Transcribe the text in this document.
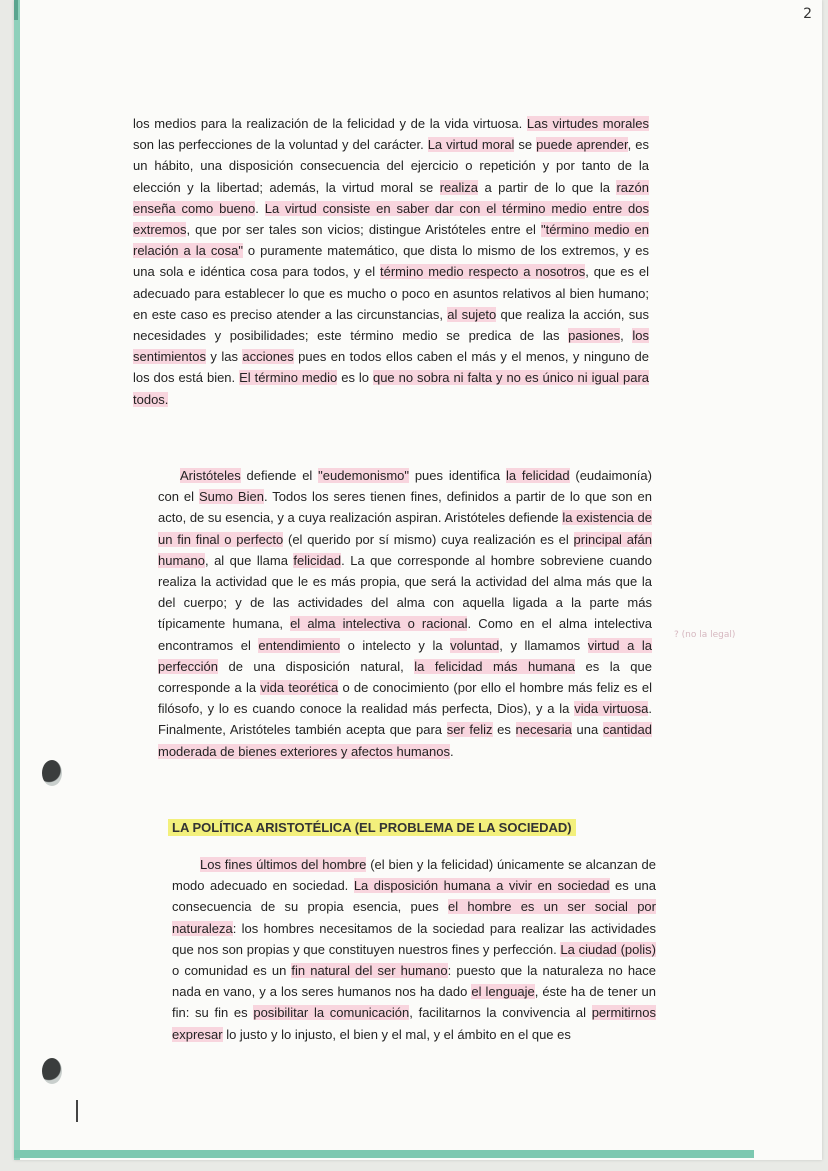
2
? (no la legal)

los medios para la realización de la felicidad y de la vida virtuosa. Las virtudes morales son las perfecciones de la voluntad y del carácter. La virtud moral se puede aprender, es un hábito, una disposición consecuencia del ejercicio o repetición y por tanto de la elección y la libertad; además, la virtud moral se realiza a partir de lo que la razón enseña como bueno. La virtud consiste en saber dar con el término medio entre dos extremos, que por ser tales son vicios; distingue Aristóteles entre el "término medio en relación a la cosa" o puramente matemático, que dista lo mismo de los extremos, y es una sola e idéntica cosa para todos, y el término medio respecto a nosotros, que es el adecuado para establecer lo que es mucho o poco en asuntos relativos al bien humano; en este caso es preciso atender a las circunstancias, al sujeto que realiza la acción, sus necesidades y posibilidades; este término medio se predica de las pasiones, los sentimientos y las acciones pues en todos ellos caben el más y el menos, y ninguno de los dos está bien. El término medio es lo que no sobra ni falta y no es único ni igual para todos.

Aristóteles defiende el "eudemonismo" pues identifica la felicidad (eudaimonía) con el Sumo Bien. Todos los seres tienen fines, definidos a partir de lo que son en acto, de su esencia, y a cuya realización aspiran. Aristóteles defiende la existencia de un fin final o perfecto (el querido por sí mismo) cuya realización es el principal afán humano, al que llama felicidad. La que corresponde al hombre sobreviene cuando realiza la actividad que le es más propia, que será la actividad del alma más que la del cuerpo; y de las actividades del alma con aquella ligada a la parte más típicamente humana, el alma intelectiva o racional. Como en el alma intelectiva encontramos el entendimiento o intelecto y la voluntad, y llamamos virtud a la perfección de una disposición natural, la felicidad más humana es la que corresponde a la vida teorética o de conocimiento (por ello el hombre más feliz es el filósofo, y lo es cuando conoce la realidad más perfecta, Dios), y a la vida virtuosa. Finalmente, Aristóteles también acepta que para ser feliz es necesaria una cantidad moderada de bienes exteriores y afectos humanos.

LA POLÍTICA ARISTOTÉLICA (EL PROBLEMA DE LA SOCIEDAD)

Los fines últimos del hombre (el bien y la felicidad) únicamente se alcanzan de modo adecuado en sociedad. La disposición humana a vivir en sociedad es una consecuencia de su propia esencia, pues el hombre es un ser social por naturaleza: los hombres necesitamos de la sociedad para realizar las actividades que nos son propias y que constituyen nuestros fines y perfección. La ciudad (polis) o comunidad es un fin natural del ser humano: puesto que la naturaleza no hace nada en vano, y a los seres humanos nos ha dado el lenguaje, éste ha de tener un fin: su fin es posibilitar la comunicación, facilitarnos la convivencia al permitirnos expresar lo justo y lo injusto, el bien y el mal, y el ámbito en el que es
